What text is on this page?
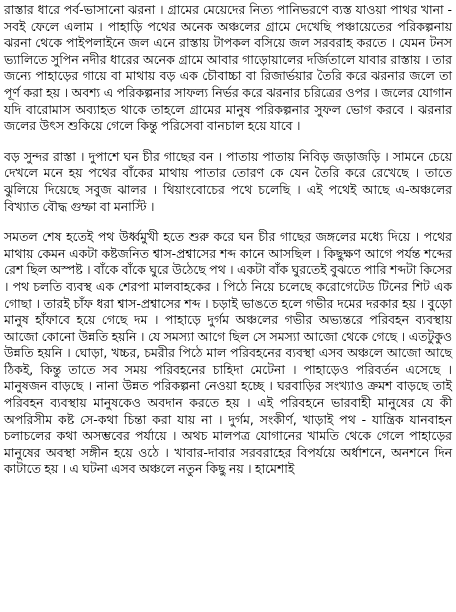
রাস্তার ধারে পর্ব-ভাসানো ঝরনা । গ্রামের মেয়েদের নিত্য পানিভরণে ব্যস্ত যাওয়া পাথর খানা - সবই ফেলে এলাম । পাহাড়ি পথের অনেক অঞ্চলের গ্রামে দেখেছি পঞ্চায়েতের পরিকল্পনায় ঝরনা থেকে পাইপলাইনে জল এনে রাস্তায় টাপকল বসিয়ে জল সরবরাহ করতে । যেমন টনস ভ্যালিতে সুপিন নদীর ধারের অনেক গ্রামে আবার গাড়োয়ালের দর্জিতালে যাবার রাস্তায় । তার জন্যে পাহাড়ের গায়ে বা মাথায় বড় এক চৌবাচ্চা বা রিজার্ভয়ার তৈরি করে ঝরনার জলে তা পূর্ণ করা হয় । অবশ্য এ পরিকল্পনার সাফল্য নির্ভর করে ঝরনার চরিত্রের ওপর । জলের যোগান যদি বারোমাস অব্যাহত থাকে তাহলে গ্রামের মানুষ পরিকল্পনার সুফল ভোগ করবে । ঝরনার জলের উৎস শুকিয়ে গেলে কিন্তু পরিসেবা বানচাল হয়ে যাবে ।

বড় সুন্দর রাস্তা । দুপাশে ঘন চীর গাছের বন । পাতায় পাতায় নিবিড় জড়াজড়ি । সামনে চেয়ে দেখলে মনে হয় পথের বাঁকের মাথায় পাতার তোরণ কে যেন তৈরি করে রেখেছে । তাতে ঝুলিয়ে দিয়েছে সবুজ ঝালর । থিয়াংবোচের পথে চলেছি । এই পথেই আছে এ-অঞ্চলের বিখ্যাত বৌদ্ধ গুম্ফা বা মনাস্টি ।

সমতল শেষ হতেই পথ উর্ধ্বমুখী হতে শুরু করে ঘন চীর গাছের জঙ্গলের মধ্যে দিয়ে । পথের মাথায় কেমন একটা কষ্টজনিত শ্বাস-প্রশ্বাসের শব্দ কানে আসছিল । কিছুক্ষণ আগে পর্যন্ত শব্দের রেশ ছিল অস্পষ্ট । বাঁকে বাঁকে ঘুরে উঠেছে পথ । একটা বাঁক ঘুরতেই বুঝতে পারি শব্দটা কিসের । পথ চলতি ব্যবস্থ এক শেরপা মালবাহকের । পিঠে নিয়ে চলেছে করোগেটেড টিনের শিট এক গোছা । তারই চাঁফ ধরা শ্বাস-প্রশ্বাসের শব্দ । চড়াই ভাঙতে হলে গভীর দমের দরকার হয় । বুড়ো মানুষ হাঁফাবে হয়ে গেছে দম । পাহাড়ে দুর্গম অঞ্চলের গভীর অভ্যন্তরে পরিবহন ব্যবস্থায় আজো কোনো উন্নতি হয়নি । যে সমস্যা আগে ছিল সে সমস্যা আজো থেকে গেছে । এতটুকুও উন্নতি হয়নি । ঘোড়া, খচ্চর, চমরীর পিঠে মাল পরিবহনের ব্যবস্থা এসব অঞ্চলে আজো আছে ঠিকই, কিন্তু তাতে সব সময় পরিবহনের চাহিদা মেটেনা । পাহাড়েও পরিবর্তন এসেছে । মানুষজন বাড়ছে । নানা উন্নত পরিকল্পনা নেওয়া হচ্ছে । ঘরবাড়ির সংখ্যাও ক্রমশ বাড়ছে তাই পরিবহন ব্যবস্থায় মানুষকেও অবদান করতে হয় । এই পরিবহনে ভারবাহী মানুষের যে কী অপরিসীম কষ্ট সে-কথা চিন্তা করা যায় না । দুর্গম, সংকীর্ণ, খাড়াই পথ - যান্ত্রিক যানবাহন চলাচলের কথা অসম্ভবের পর্যায়ে । অথচ মালপত্র যোগানের খামতি থেকে গেলে পাহাড়ের মানুষের অবস্থা সঙ্গীন হয়ে ওঠে । খাবার-দাবার সরবরাহের বিপর্যয়ে অর্ধাশনে, অনশনে দিন কাটাতে হয় । এ ঘটনা এসব অঞ্চলে নতুন কিছু নয় । হামেশাই
